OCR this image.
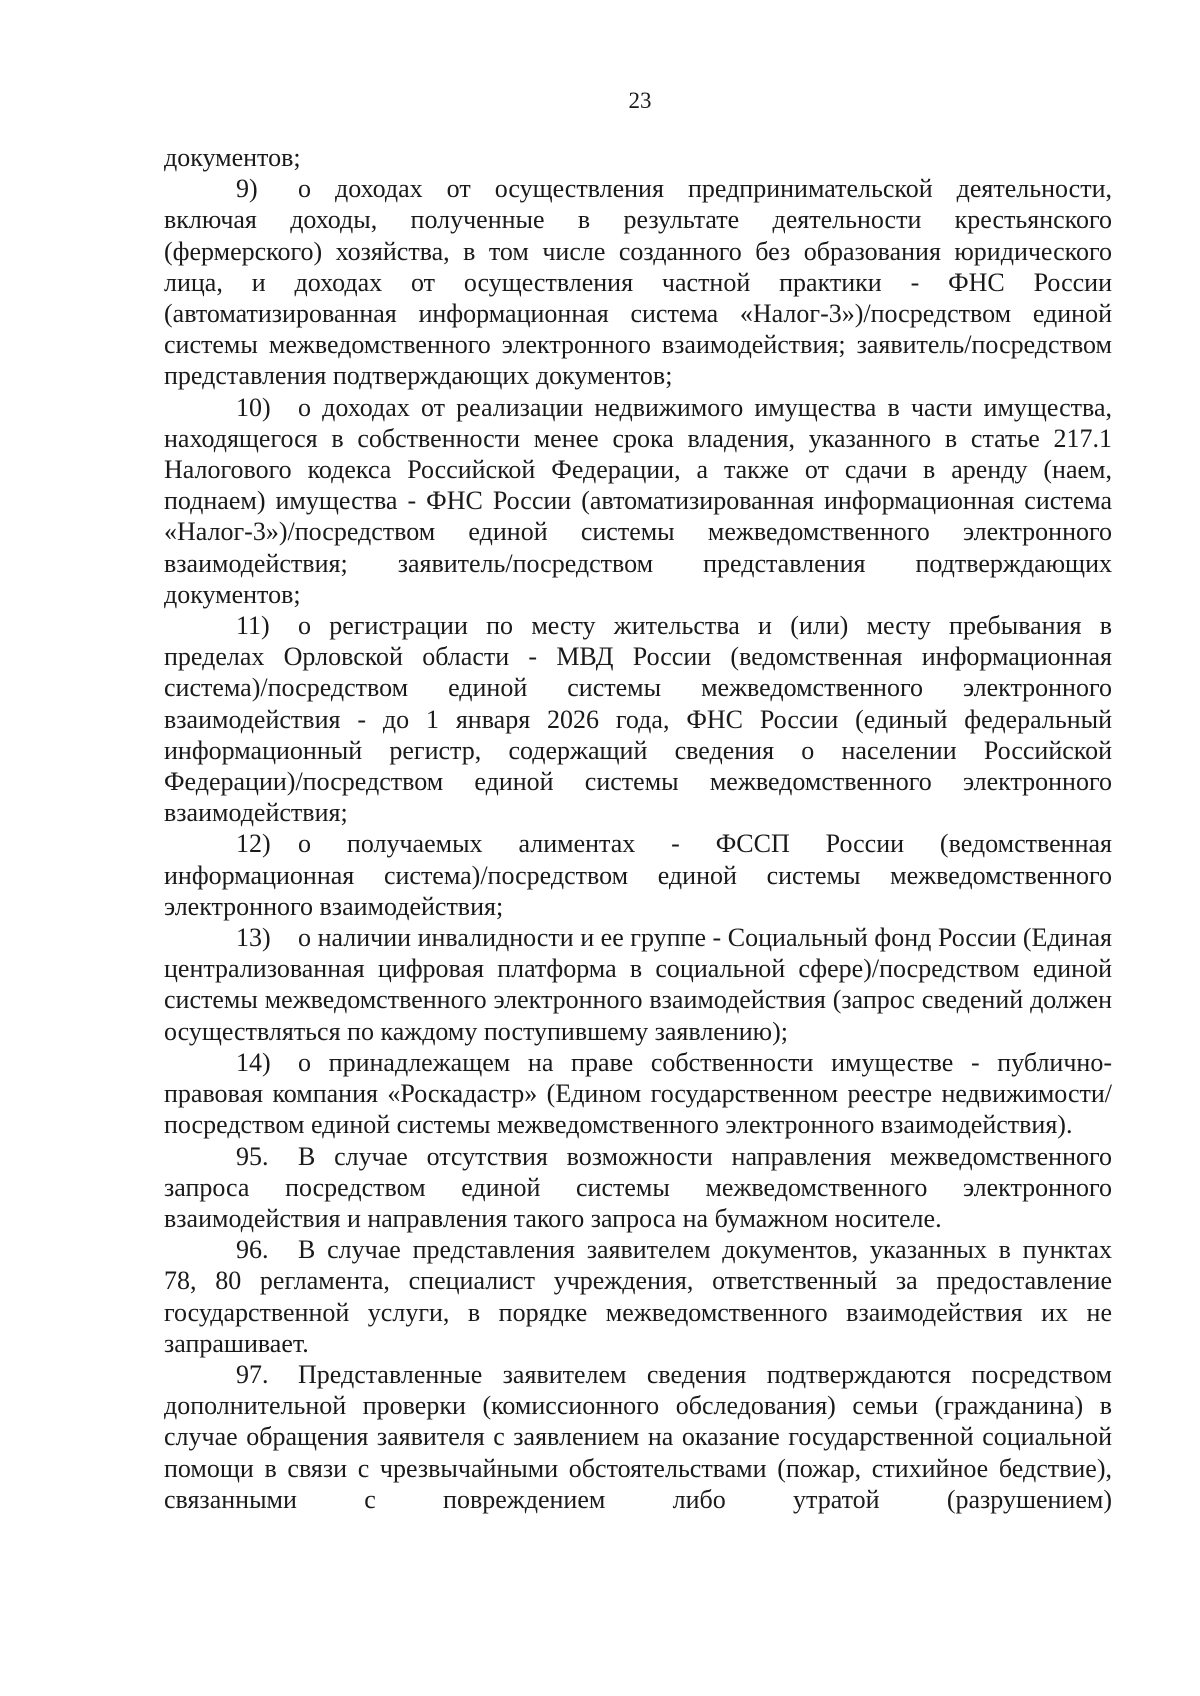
23

документов;

9) о доходах от осуществления предпринимательской деятельности, включая доходы, полученные в результате деятельности крестьянского (фермерского) хозяйства, в том числе созданного без образования юридического лица, и доходах от осуществления частной практики - ФНС России (автоматизированная информационная система «Налог-3»)/посредством единой системы межведомственного электронного взаимодействия; заявитель/посредством представления подтверждающих документов;

10) о доходах от реализации недвижимого имущества в части имущества, находящегося в собственности менее срока владения, указанного в статье 217.1 Налогового кодекса Российской Федерации, а также от сдачи в аренду (наем, поднаем) имущества - ФНС России (автоматизированная информационная система «Налог-3»)/посредством единой системы межведомственного электронного взаимодействия; заявитель/посредством представления подтверждающих документов;

11) о регистрации по месту жительства и (или) месту пребывания в пределах Орловской области - МВД России (ведомственная информационная система)/посредством единой системы межведомственного электронного взаимодействия - до 1 января 2026 года, ФНС России (единый федеральный информационный регистр, содержащий сведения о населении Российской Федерации)/посредством единой системы межведомственного электронного взаимодействия;

12) о получаемых алиментах - ФССП России (ведомственная информационная система)/посредством единой системы межведомственного электронного взаимодействия;

13) о наличии инвалидности и ее группе - Социальный фонд России (Единая централизованная цифровая платформа в социальной сфере)/посредством единой системы межведомственного электронного взаимодействия (запрос сведений должен осуществляться по каждому поступившему заявлению);

14) о принадлежащем на праве собственности имуществе - публично-правовая компания «Роскадастр» (Едином государственном реестре недвижимости/посредством единой системы межведомственного электронного взаимодействия).

95. В случае отсутствия возможности направления межведомственного запроса посредством единой системы межведомственного электронного взаимодействия и направления такого запроса на бумажном носителе.

96. В случае представления заявителем документов, указанных в пунктах 78, 80 регламента, специалист учреждения, ответственный за предоставление государственной услуги, в порядке межведомственного взаимодействия их не запрашивает.

97. Представленные заявителем сведения подтверждаются посредством дополнительной проверки (комиссионного обследования) семьи (гражданина) в случае обращения заявителя с заявлением на оказание государственной социальной помощи в связи с чрезвычайными обстоятельствами (пожар, стихийное бедствие), связанными с повреждением либо утратой (разрушением)
